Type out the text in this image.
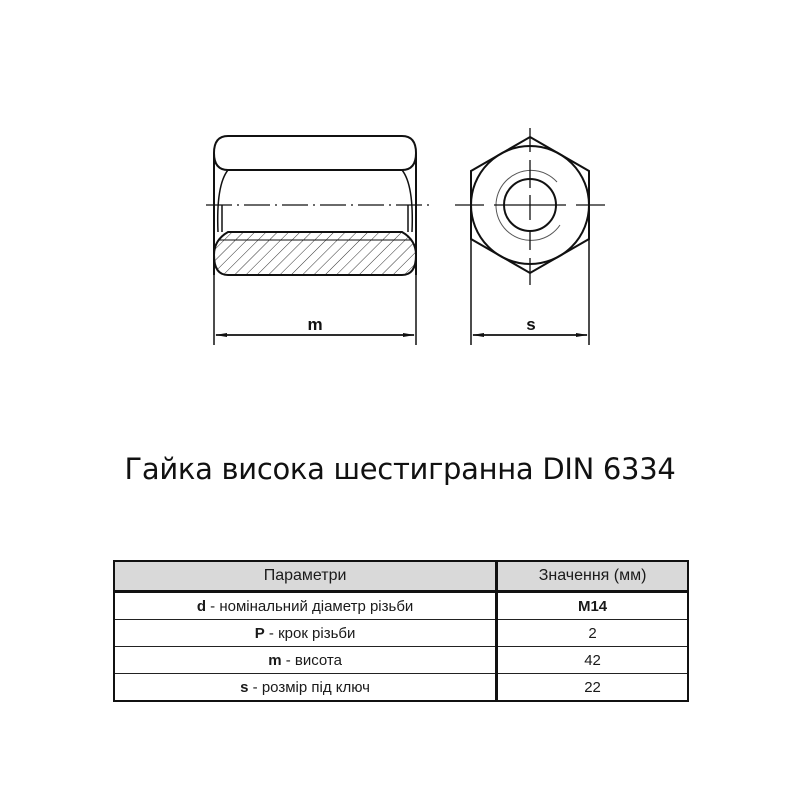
m	s
Гайка висока шестигранна DIN 6334
Параметри	Значення (мм)
d - номінальний діаметр різьби	M14
P - крок різьби	2
m - висота	42
s - розмір під ключ	22
